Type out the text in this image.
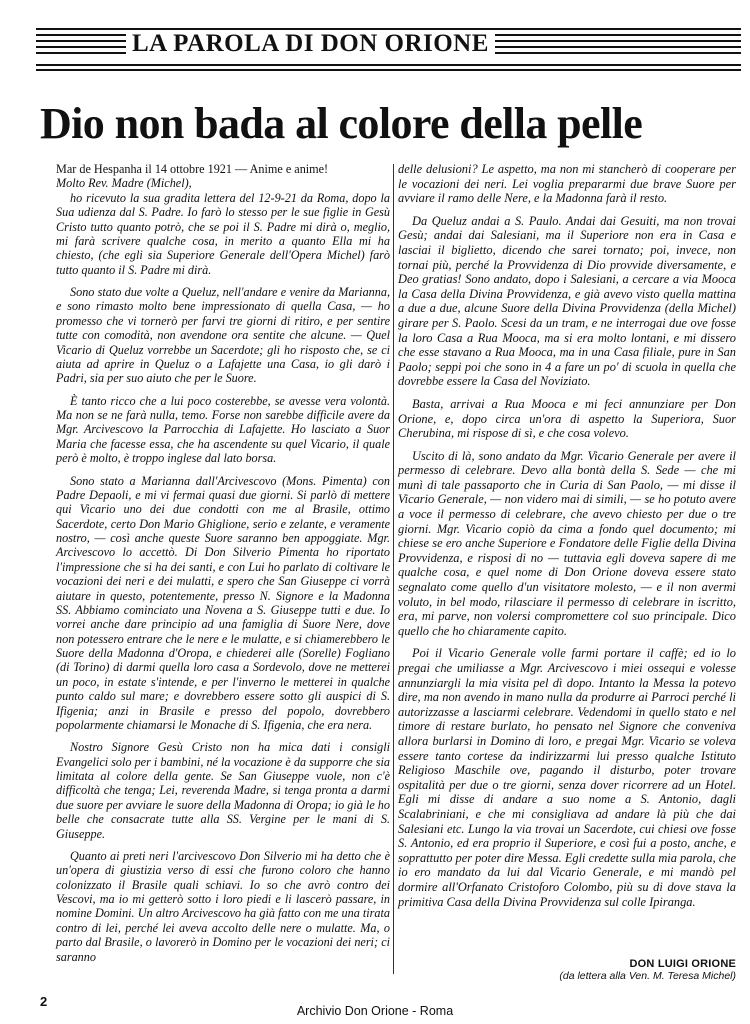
LA PAROLA DI DON ORIONE
Dio non bada al colore della pelle

Mar de Hespanha il 14 ottobre 1921 — Anime e anime!

Molto Rev. Madre (Michel),

ho ricevuto la sua gradita lettera del 12-9-21 da Roma, dopo la Sua udienza dal S. Padre. Io farò lo stesso per le sue figlie in Gesù Cristo tutto quanto potrò, che se poi il S. Padre mi dirà o, meglio, mi farà scrivere qualche cosa, in merito a quanto Ella mi ha chiesto, (che egli sia Superiore Generale dell'Opera Michel) farò tutto quanto il S. Padre mi dirà.

Sono stato due volte a Queluz, nell'andare e venire da Marianna, e sono rimasto molto bene impressionato di quella Casa, — ho promesso che vi tornerò per farvi tre giorni di ritiro, e per sentire tutte con comodità, non avendone ora sentite che alcune. — Quel Vicario di Queluz vorrebbe un Sacerdote; gli ho risposto che, se ci aiuta ad aprire in Queluz o a Lafajette una Casa, io gli darò i Padri, sia per suo aiuto che per le Suore.

È tanto ricco che a lui poco costerebbe, se avesse vera volontà. Ma non se ne farà nulla, temo. Forse non sarebbe difficile avere da Mgr. Arcivescovo la Parrocchia di Lafajette. Ho lasciato a Suor Maria che facesse essa, che ha ascendente su quel Vicario, il quale però è molto, è troppo inglese dal lato borsa.

Sono stato a Marianna dall'Arcivescovo (Mons. Pimenta) con Padre Depaoli, e mi vi fermai quasi due giorni. Si parlò di mettere qui Vicario uno dei due condotti con me al Brasile, ottimo Sacerdote, certo Don Mario Ghiglione, serio e zelante, e veramente nostro, — così anche queste Suore saranno ben appoggiate. Mgr. Arcivescovo lo accettò. Di Don Silverio Pimenta ho riportato l'impressione che si ha dei santi, e con Lui ho parlato di coltivare le vocazioni dei neri e dei mulatti, e spero che San Giuseppe ci vorrà aiutare in questo, potentemente, presso N. Signore e la Madonna SS. Abbiamo cominciato una Novena a S. Giuseppe tutti e due. Io vorrei anche dare principio ad una famiglia di Suore Nere, dove non potessero entrare che le nere e le mulatte, e si chiamerebbero le Suore della Madonna d'Oropa, e chiederei alle (Sorelle) Fogliano (di Torino) di darmi quella loro casa a Sordevolo, dove ne metterei un poco, in estate s'intende, e per l'inverno le metterei in qualche punto caldo sul mare; e dovrebbero essere sotto gli auspici di S. Ifigenia; anzi in Brasile e presso del popolo, dovrebbero popolarmente chiamarsi le Monache di S. Ifigenia, che era nera.

Nostro Signore Gesù Cristo non ha mica dati i consigli Evangelici solo per i bambini, né la vocazione è da supporre che sia limitata al colore della gente. Se San Giuseppe vuole, non c'è difficoltà che tenga; Lei, reverenda Madre, si tenga pronta a darmi due suore per avviare le suore della Madonna di Oropa; io già le ho belle che consacrate tutte alla SS. Vergine per le mani di S. Giuseppe.

Quanto ai preti neri l'arcivescovo Don Silverio mi ha detto che è un'opera di giustizia verso di essi che furono coloro che hanno colonizzato il Brasile quali schiavi. Io so che avrò contro dei Vescovi, ma io mi getterò sotto i loro piedi e li lascerò passare, in nomine Domini. Un altro Arcivescovo ha già fatto con me una tirata contro di lei, perché lei aveva accolto delle nere o mulatte. Ma, o parto dal Brasile, o lavorerò in Domino per le vocazioni dei neri; ci saranno

delle delusioni? Le aspetto, ma non mi stancherò di cooperare per le vocazioni dei neri. Lei voglia prepararmi due brave Suore per avviare il ramo delle Nere, e la Madonna farà il resto.

Da Queluz andai a S. Paulo. Andai dai Gesuiti, ma non trovai Gesù; andai dai Salesiani, ma il Superiore non era in Casa e lasciai il biglietto, dicendo che sarei tornato; poi, invece, non tornai più, perché la Provvidenza di Dio provvide diversamente, e Deo gratias! Sono andato, dopo i Salesiani, a cercare a via Mooca la Casa della Divina Provvidenza, e già avevo visto quella mattina a due a due, alcune Suore della Divina Provvidenza (della Michel) girare per S. Paolo. Scesi da un tram, e ne interrogai due ove fosse la loro Casa a Rua Mooca, ma si era molto lontani, e mi dissero che esse stavano a Rua Mooca, ma in una Casa filiale, pure in San Paolo; seppi poi che sono in 4 a fare un po' di scuola in quella che dovrebbe essere la Casa del Noviziato.

Basta, arrivai a Rua Mooca e mi feci annunziare per Don Orione, e, dopo circa un'ora di aspetto la Superiora, Suor Cherubina, mi rispose di sì, e che cosa volevo.

Uscito di là, sono andato da Mgr. Vicario Generale per avere il permesso di celebrare. Devo alla bontà della S. Sede — che mi munì di tale passaporto che in Curia di San Paolo, — mi disse il Vicario Generale, — non videro mai di simili, — se ho potuto avere a voce il permesso di celebrare, che avevo chiesto per due o tre giorni. Mgr. Vicario copiò da cima a fondo quel documento; mi chiese se ero anche Superiore e Fondatore delle Figlie della Divina Provvidenza, e risposi di no — tuttavia egli doveva sapere di me qualche cosa, e quel nome di Don Orione doveva essere stato segnalato come quello d'un visitatore molesto, — e il non avermi voluto, in bel modo, rilasciare il permesso di celebrare in iscritto, era, mi parve, non volersi compromettere col suo principale. Dico quello che ho chiaramente capito.

Poi il Vicario Generale volle farmi portare il caffè; ed io lo pregai che umiliasse a Mgr. Arcivescovo i miei ossequi e volesse annunziargli la mia visita pel dì dopo. Intanto la Messa la potevo dire, ma non avendo in mano nulla da produrre ai Parroci perché li autorizzasse a lasciarmi celebrare. Vedendomi in quello stato e nel timore di restare burlato, ho pensato nel Signore che conveniva allora burlarsi in Domino di loro, e pregai Mgr. Vicario se voleva essere tanto cortese da indirizzarmi lui presso qualche Istituto Religioso Maschile ove, pagando il disturbo, poter trovare ospitalità per due o tre giorni, senza dover ricorrere ad un Hotel. Egli mi disse di andare a suo nome a S. Antonio, dagli Scalabriniani, e che mi consigliava ad andare là più che dai Salesiani etc. Lungo la via trovai un Sacerdote, cui chiesi ove fosse S. Antonio, ed era proprio il Superiore, e così fui a posto, anche, e soprattutto per poter dire Messa. Egli credette sulla mia parola, che io ero mandato da lui dal Vicario Generale, e mi mandò pel dormire all'Orfanato Cristoforo Colombo, più su di dove stava la primitiva Casa della Divina Provvidenza sul colle Ipiranga.

DON LUIGI ORIONE
(da lettera alla Ven. M. Teresa Michel)
2
Archivio Don Orione - Roma
